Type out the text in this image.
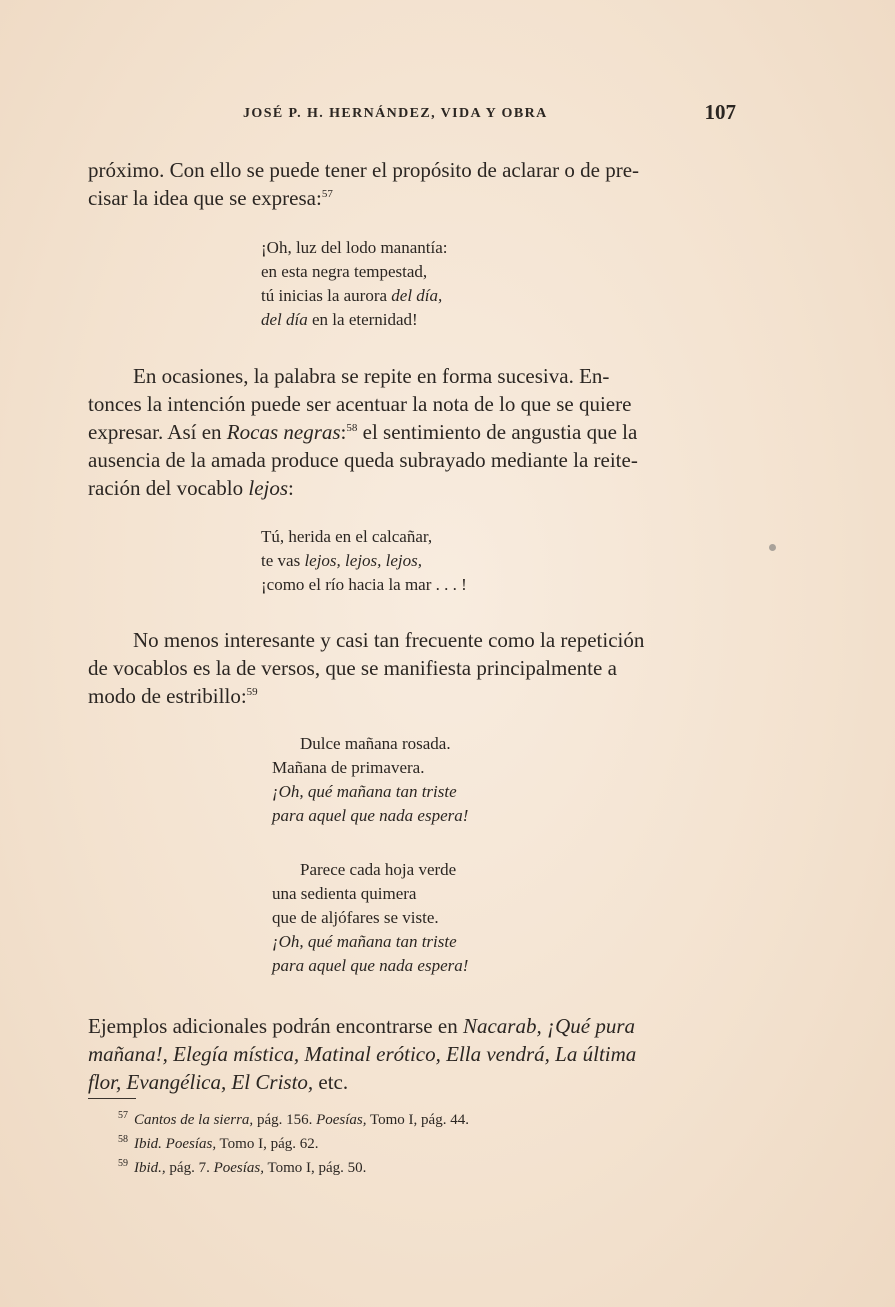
JOSÉ P. H. HERNÁNDEZ, VIDA Y OBRA	107

próximo. Con ello se puede tener el propósito de aclarar o de pre-
cisar la idea que se expresa:$^{57}$

¡Oh, luz del lodo manantía:
en esta negra tempestad,
tú inicias la aurora del día,
del día en la eternidad!

En ocasiones, la palabra se repite en forma sucesiva. En-
tonces la intención puede ser acentuar la nota de lo que se quiere
expresar. Así en Rocas negras:$^{58}$ el sentimiento de angustia que la
ausencia de la amada produce queda subrayado mediante la reite-
ración del vocablo lejos:

Tú, herida en el calcañar,
te vas lejos, lejos, lejos,
¡como el río hacia la mar . . . !

No menos interesante y casi tan frecuente como la repetición
de vocablos es la de versos, que se manifiesta principalmente a
modo de estribillo:$^{59}$

Dulce mañana rosada.
Mañana de primavera.
¡Oh, qué mañana tan triste
para aquel que nada espera!
Parece cada hoja verde
una sedienta quimera
que de aljófares se viste.
¡Oh, qué mañana tan triste
para aquel que nada espera!

Ejemplos adicionales podrán encontrarse en Nacarab, ¡Qué pura
mañana!, Elegía mística, Matinal erótico, Ella vendrá, La última
flor, Evangélica, El Cristo, etc.

$^{57}$ Cantos de la sierra, pág. 156. Poesías, Tomo I, pág. 44.
$^{58}$ Ibid. Poesías, Tomo I, pág. 62.
$^{59}$ Ibid., pág. 7. Poesías, Tomo I, pág. 50.
